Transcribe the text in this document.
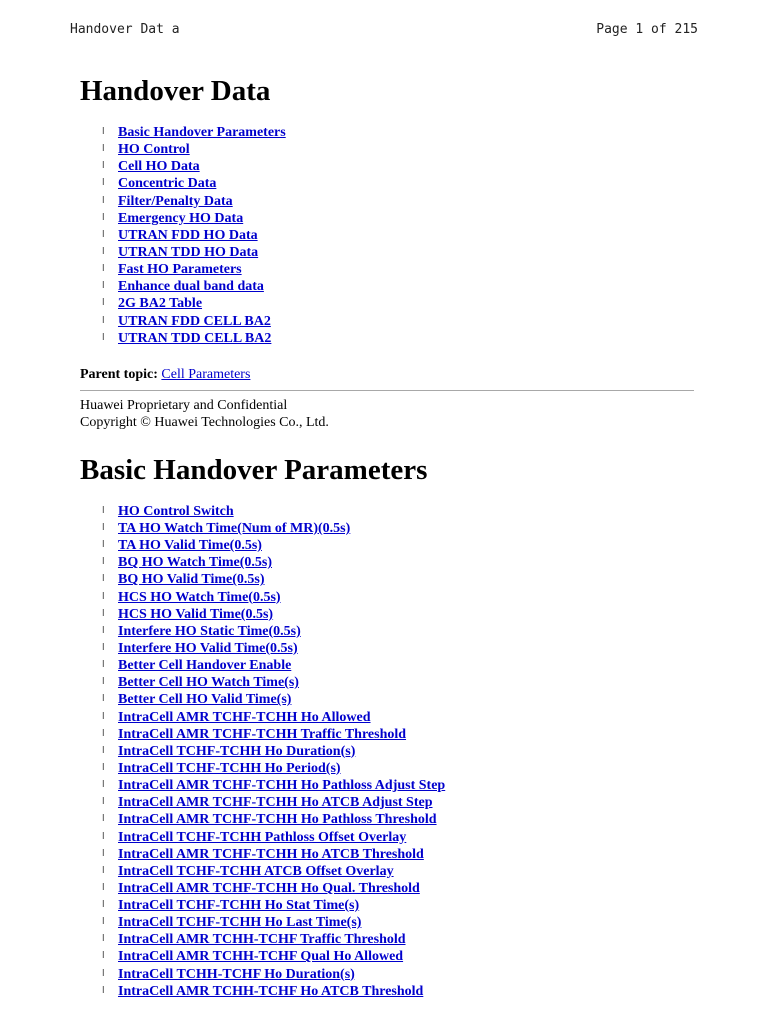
Handover Dat a	Page 1 of 215
Handover Data
l Basic Handover Parameters
l HO Control
l Cell HO Data
l Concentric Data
l Filter/Penalty Data
l Emergency HO Data
l UTRAN FDD HO Data
l UTRAN TDD HO Data
l Fast HO Parameters
l Enhance dual band data
l 2G BA2 Table
l UTRAN FDD CELL BA2
l UTRAN TDD CELL BA2
Parent topic: Cell Parameters
Huawei Proprietary and Confidential
Copyright © Huawei Technologies Co., Ltd.
Basic Handover Parameters
l HO Control Switch
l TA HO Watch Time(Num of MR)(0.5s)
l TA HO Valid Time(0.5s)
l BQ HO Watch Time(0.5s)
l BQ HO Valid Time(0.5s)
l HCS HO Watch Time(0.5s)
l HCS HO Valid Time(0.5s)
l Interfere HO Static Time(0.5s)
l Interfere HO Valid Time(0.5s)
l Better Cell Handover Enable
l Better Cell HO Watch Time(s)
l Better Cell HO Valid Time(s)
l IntraCell AMR TCHF-TCHH Ho Allowed
l IntraCell AMR TCHF-TCHH Traffic Threshold
l IntraCell TCHF-TCHH Ho Duration(s)
l IntraCell TCHF-TCHH Ho Period(s)
l IntraCell AMR TCHF-TCHH Ho Pathloss Adjust Step
l IntraCell AMR TCHF-TCHH Ho ATCB Adjust Step
l IntraCell AMR TCHF-TCHH Ho Pathloss Threshold
l IntraCell TCHF-TCHH Pathloss Offset Overlay
l IntraCell AMR TCHF-TCHH Ho ATCB Threshold
l IntraCell TCHF-TCHH ATCB Offset Overlay
l IntraCell AMR TCHF-TCHH Ho Qual. Threshold
l IntraCell TCHF-TCHH Ho Stat Time(s)
l IntraCell TCHF-TCHH Ho Last Time(s)
l IntraCell AMR TCHH-TCHF Traffic Threshold
l IntraCell AMR TCHH-TCHF Qual Ho Allowed
l IntraCell TCHH-TCHF Ho Duration(s)
l IntraCell AMR TCHH-TCHF Ho ATCB Threshold
